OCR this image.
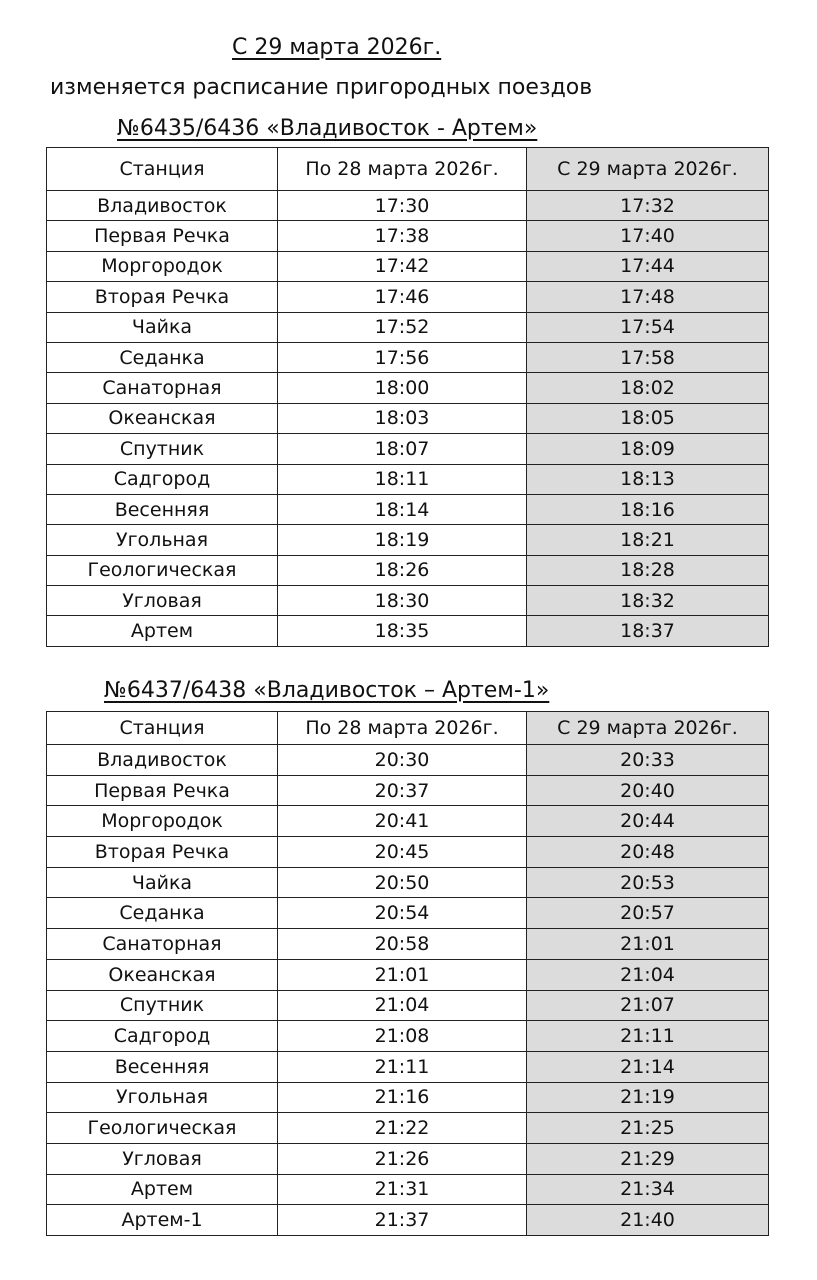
С 29 марта 2026г.
изменяется расписание пригородных поездов
№6435/6436 «Владивосток - Артем»
Станция	По 28 марта 2026г.	С 29 марта 2026г.
Владивосток	17:30	17:32
Первая Речка	17:38	17:40
Моргородок	17:42	17:44
Вторая Речка	17:46	17:48
Чайка	17:52	17:54
Седанка	17:56	17:58
Санаторная	18:00	18:02
Океанская	18:03	18:05
Спутник	18:07	18:09
Садгород	18:11	18:13
Весенняя	18:14	18:16
Угольная	18:19	18:21
Геологическая	18:26	18:28
Угловая	18:30	18:32
Артем	18:35	18:37
№6437/6438 «Владивосток – Артем-1»
Станция	По 28 марта 2026г.	С 29 марта 2026г.
Владивосток	20:30	20:33
Первая Речка	20:37	20:40
Моргородок	20:41	20:44
Вторая Речка	20:45	20:48
Чайка	20:50	20:53
Седанка	20:54	20:57
Санаторная	20:58	21:01
Океанская	21:01	21:04
Спутник	21:04	21:07
Садгород	21:08	21:11
Весенняя	21:11	21:14
Угольная	21:16	21:19
Геологическая	21:22	21:25
Угловая	21:26	21:29
Артем	21:31	21:34
Артем-1	21:37	21:40
